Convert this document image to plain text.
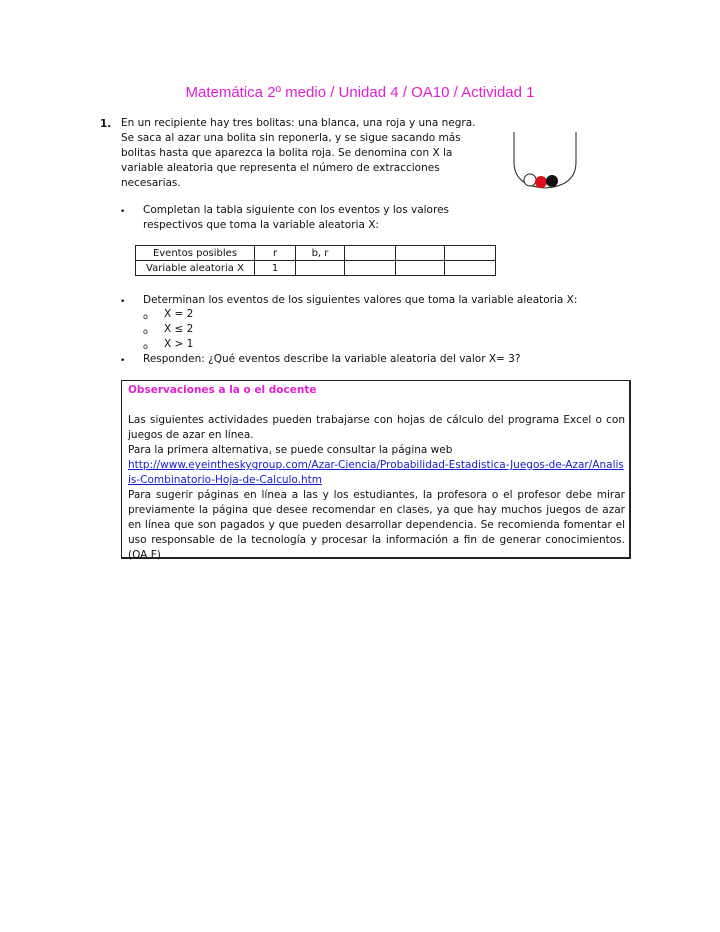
Matemática 2º medio / Unidad 4 / OA10 / Actividad 1
1. En un recipiente hay tres bolitas: una blanca, una roja y una negra. Se saca al azar una bolita sin reponerla, y se sigue sacando más bolitas hasta que aparezca la bolita roja. Se denomina con X la variable aleatoria que representa el número de extracciones necesarias.
• Completan la tabla siguiente con los eventos y los valores respectivos que toma la variable aleatoria X:
Eventos posibles	r	b, r			
Variable aleatoria X	1				
• Determinan los eventos de los siguientes valores que toma la variable aleatoria X:
o X = 2
o X ≤ 2
o X > 1
• Responden: ¿Qué eventos describe la variable aleatoria del valor X= 3?
Observaciones a la o el docente
Las siguientes actividades pueden trabajarse con hojas de cálculo del programa Excel o con juegos de azar en línea.
Para la primera alternativa, se puede consultar la página web
http://www.eyeintheskygroup.com/Azar-Ciencia/Probabilidad-Estadistica-Juegos-de-Azar/Analisis-Combinatorio-Hoja-de-Calculo.htm
Para sugerir páginas en línea a las y los estudiantes, la profesora o el profesor debe mirar previamente la página que desee recomendar en clases, ya que hay muchos juegos de azar en línea que son pagados y que pueden desarrollar dependencia. Se recomienda fomentar el uso responsable de la tecnología y procesar la información a fin de generar conocimientos. (OA F)
